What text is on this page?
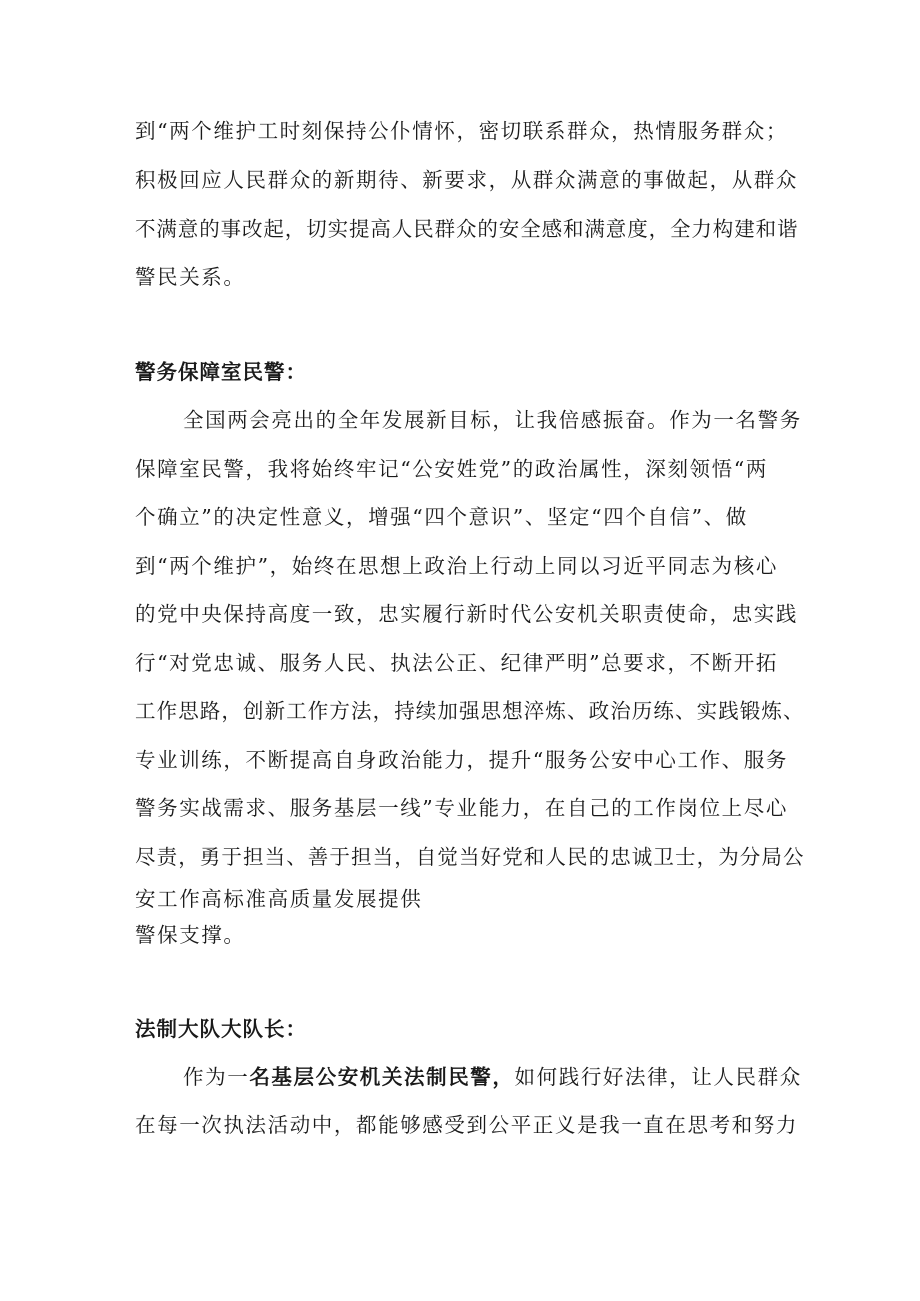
到“两个维护工时刻保持公仆情怀，密切联系群众，热情服务群众；
积极回应人民群众的新期待、新要求，从群众满意的事做起，从群众
不满意的事改起，切实提高人民群众的安全感和满意度，全力构建和谐
警民关系。
警务保障室民警：
全国两会亮出的全年发展新目标，让我倍感振奋。作为一名警务
保障室民警，我将始终牢记“公安姓党”的政治属性，深刻领悟“两
个确立”的决定性意义，增强“四个意识”、坚定“四个自信”、做
到“两个维护”，始终在思想上政治上行动上同以习近平同志为核心
的党中央保持高度一致，忠实履行新时代公安机关职责使命，忠实践
行“对党忠诚、服务人民、执法公正、纪律严明”总要求，不断开拓
工作思路，创新工作方法，持续加强思想淬炼、政治历练、实践锻炼、
专业训练，不断提高自身政治能力，提升“服务公安中心工作、服务
警务实战需求、服务基层一线”专业能力，在自己的工作岗位上尽心
尽责，勇于担当、善于担当，自觉当好党和人民的忠诚卫士，为分局公
安工作高标准高质量发展提供
警保支撑。
法制大队大队长：
作为一名基层公安机关法制民警，如何践行好法律，让人民群众
在每一次执法活动中，都能够感受到公平正义是我一直在思考和努力
